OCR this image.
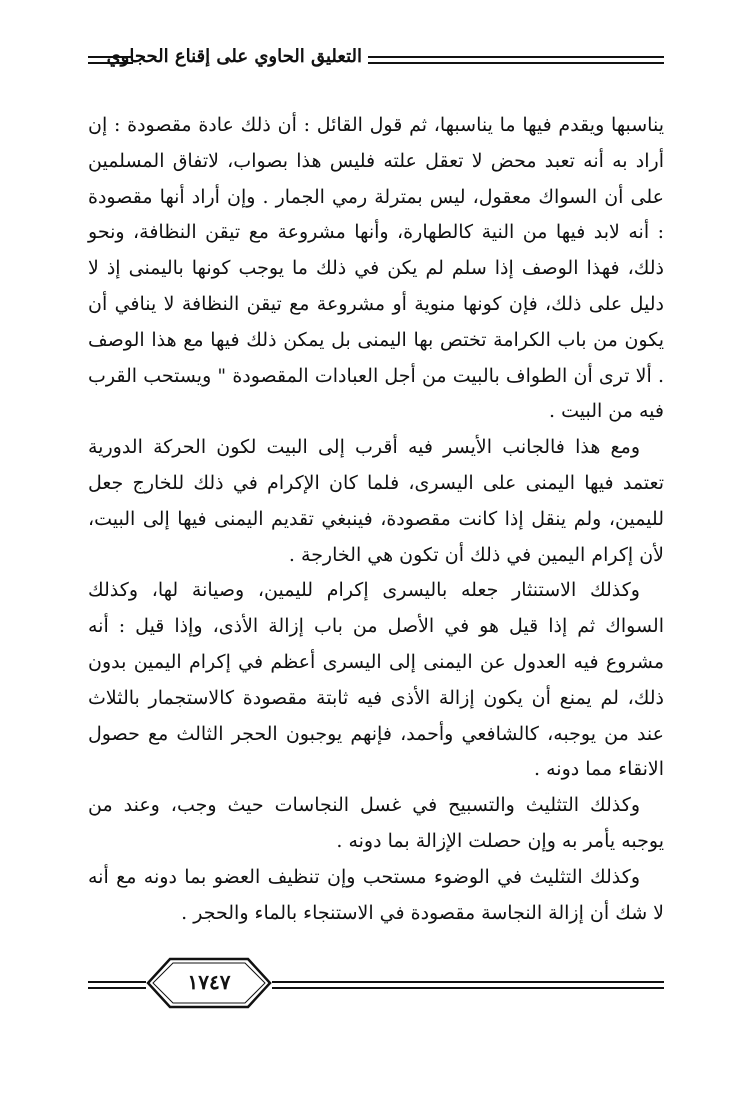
التعليق الحاوي على إقناع الحجاوي

يناسبها ويقدم فيها ما يناسبها، ثم قول القائل : أن ذلك عادة مقصودة : إن أراد به أنه تعبد محض لا تعقل علته فليس هذا بصواب، لاتفاق المسلمين على أن السواك معقول، ليس بمترلة رمي الجمار . وإن أراد أنها مقصودة : أنه لابد فيها من النية كالطهارة، وأنها مشروعة مع تيقن النظافة، ونحو ذلك، فهذا الوصف إذا سلم لم يكن في ذلك ما يوجب كونها باليمنى إذ لا دليل على ذلك، فإن كونها منوية أو مشروعة مع تيقن النظافة لا ينافي أن يكون من باب الكرامة تختص بها اليمنى بل يمكن ذلك فيها مع هذا الوصف . ألا ترى أن الطواف بالبيت من أجل العبادات المقصودة " ويستحب القرب فيه من البيت .

ومع هذا فالجانب الأيسر فيه أقرب إلى البيت لكون الحركة الدورية تعتمد فيها اليمنى على اليسرى، فلما كان الإكرام في ذلك للخارج جعل لليمين، ولم ينقل إذا كانت مقصودة، فينبغي تقديم اليمنى فيها إلى البيت، لأن إكرام اليمين في ذلك أن تكون هي الخارجة .

وكذلك الاستنثار جعله باليسرى إكرام لليمين، وصيانة لها، وكذلك السواك ثم إذا قيل هو في الأصل من باب إزالة الأذى، وإذا قيل : أنه مشروع فيه العدول عن اليمنى إلى اليسرى أعظم في إكرام اليمين بدون ذلك، لم يمنع أن يكون إزالة الأذى فيه ثابتة مقصودة كالاستجمار بالثلاث عند من يوجبه، كالشافعي وأحمد، فإنهم يوجبون الحجر الثالث مع حصول الانقاء مما دونه .

وكذلك التثليث والتسبيح في غسل النجاسات حيث وجب، وعند من يوجبه يأمر به وإن حصلت الإزالة بما دونه .

وكذلك التثليث في الوضوء مستحب وإن تنظيف العضو بما دونه مع أنه لا شك أن إزالة النجاسة مقصودة في الاستنجاء بالماء والحجر .

١٧٤٧
